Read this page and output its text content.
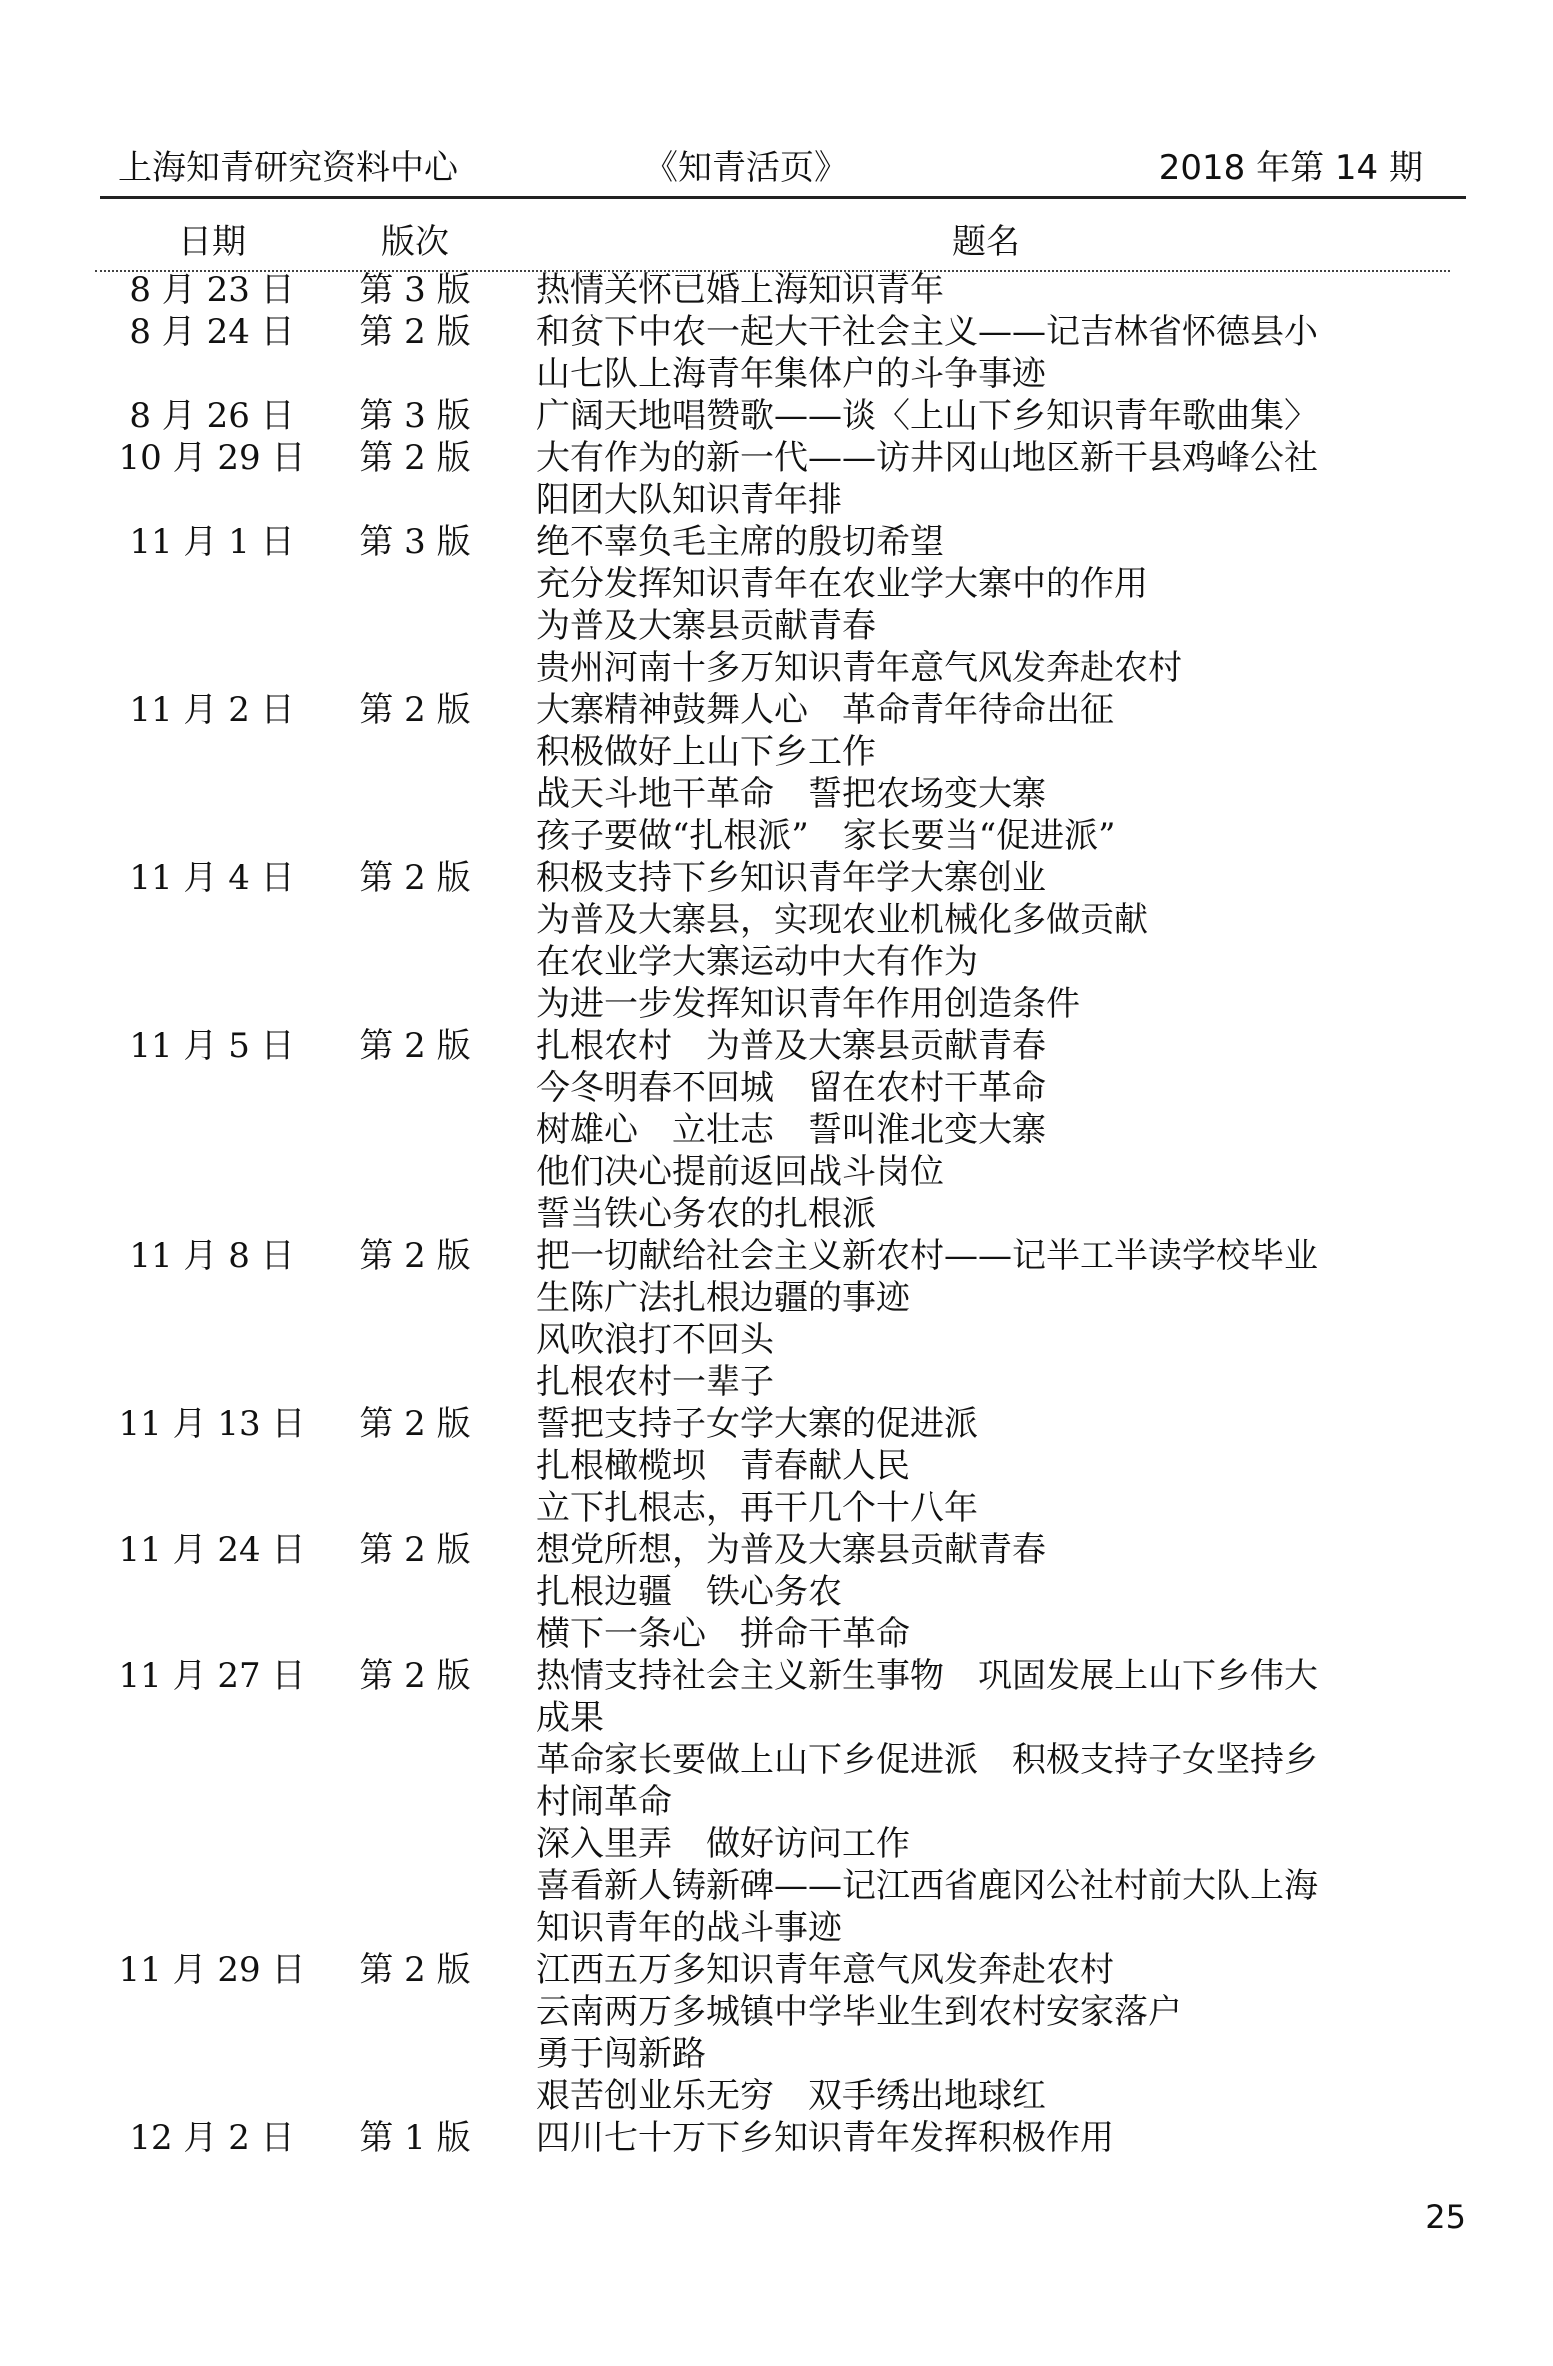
上海知青研究资料中心	《知青活页》	2018 年第 14 期
日期	版次	题名
8 月 23 日	第 3 版	热情关怀已婚上海知识青年
8 月 24 日	第 2 版	和贫下中农一起大干社会主义——记吉林省怀德县小
山七队上海青年集体户的斗争事迹
8 月 26 日	第 3 版	广阔天地唱赞歌——谈〈上山下乡知识青年歌曲集〉
10 月 29 日	第 2 版	大有作为的新一代——访井冈山地区新干县鸡峰公社
阳团大队知识青年排
11 月 1 日	第 3 版	绝不辜负毛主席的殷切希望
充分发挥知识青年在农业学大寨中的作用
为普及大寨县贡献青春
贵州河南十多万知识青年意气风发奔赴农村
11 月 2 日	第 2 版	大寨精神鼓舞人心　革命青年待命出征
积极做好上山下乡工作
战天斗地干革命　誓把农场变大寨
孩子要做“扎根派”　家长要当“促进派”
11 月 4 日	第 2 版	积极支持下乡知识青年学大寨创业
为普及大寨县，实现农业机械化多做贡献
在农业学大寨运动中大有作为
为进一步发挥知识青年作用创造条件
11 月 5 日	第 2 版	扎根农村　为普及大寨县贡献青春
今冬明春不回城　留在农村干革命
树雄心　立壮志　誓叫淮北变大寨
他们决心提前返回战斗岗位
誓当铁心务农的扎根派
11 月 8 日	第 2 版	把一切献给社会主义新农村——记半工半读学校毕业
生陈广法扎根边疆的事迹
风吹浪打不回头
扎根农村一辈子
11 月 13 日	第 2 版	誓把支持子女学大寨的促进派
扎根橄榄坝　青春献人民
立下扎根志，再干几个十八年
11 月 24 日	第 2 版	想党所想，为普及大寨县贡献青春
扎根边疆　铁心务农
横下一条心　拼命干革命
11 月 27 日	第 2 版	热情支持社会主义新生事物　巩固发展上山下乡伟大
成果
革命家长要做上山下乡促进派　积极支持子女坚持乡
村闹革命
深入里弄　做好访问工作
喜看新人铸新碑——记江西省鹿冈公社村前大队上海
知识青年的战斗事迹
11 月 29 日	第 2 版	江西五万多知识青年意气风发奔赴农村
云南两万多城镇中学毕业生到农村安家落户
勇于闯新路
艰苦创业乐无穷　双手绣出地球红
12 月 2 日	第 1 版	四川七十万下乡知识青年发挥积极作用
25
